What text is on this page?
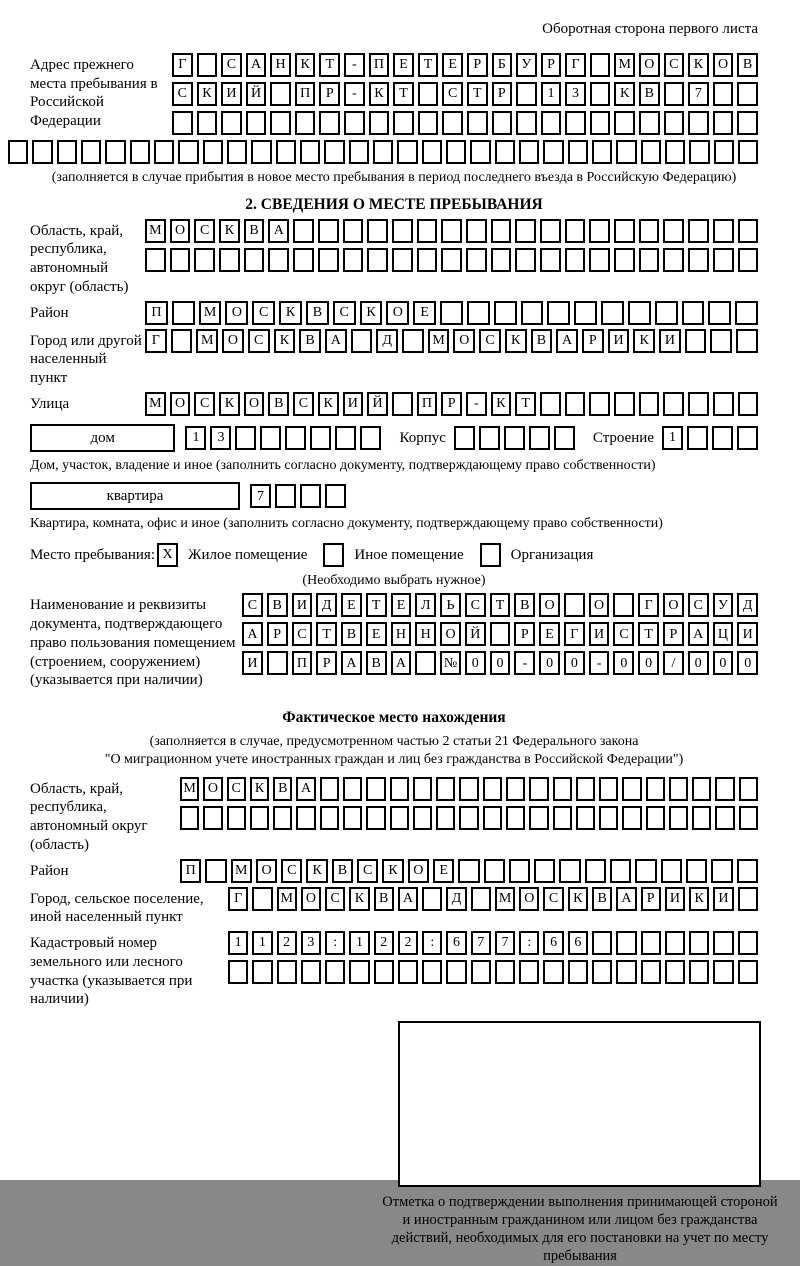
Оборотная сторона первого листа
Адрес прежнего места пребывания в Российской Федерации
Г	С	А	Н	К	Т	-	П	Е	Т	Е	Р	Б	У	Р	Г	М О	С	К	О	В
С	К	И	Й	П	Р	-	К	Т	С	Т	Р	1	3	К	В	7
(заполняется в случае прибытия в новое место пребывания в период последнего въезда в Российскую Федерацию)
2. СВЕДЕНИЯ О МЕСТЕ ПРЕБЫВАНИЯ
Область, край, республика, автономный округ (область)
М О	С	К	В	А
Район	П	М	О	С	К	В	С	К	О	Е
Город или другой населенный пункт
Г	М	О	С	К	В	А	Д	М	О	С	К	В	А	Р	И	К	И
Улица	М О	С	К	О	В	С	К	И	Й	П	Р	-	К	Т
дом	1	3	Корпус	Строение	1
Дом, участок, владение и иное (заполнить согласно документу, подтверждающему право собственности)
квартира	7
Квартира, комната, офис и иное (заполнить согласно документу, подтверждающему право собственности)
Место пребывания: X	Жилое помещение	Иное помещение	Организация
(Необходимо выбрать нужное)
Наименование и реквизиты документа, подтверждающего право пользования помещением (строением, сооружением) (указывается при наличии)
С	В	И	Д	Е	Т	Е	Л	Ь	С	Т	В	О	О	Г	О	С	У	Д
А	Р	С	Т	В	Е	Н	Н	О	Й	Р	Е	Г	И	С	Т	Р	А	Ц	И
И	П	Р	А	В	А	№	0	0	-	0	0	-	0	0	/	0	0	0
Фактическое место нахождения
(заполняется в случае, предусмотренном частью 2 статьи 21 Федерального закона
"О миграционном учете иностранных граждан и лиц без гражданства в Российской Федерации")
Область, край, республика, автономный округ (область)
М О С К В А
Район	П	М	О	С	К	В	С	К	О	Е
Город, сельское поселение, иной населенный пункт
Г	М О	С	К	В	А	Д	М О	С	К	В	А	Р	И	К	И
Кадастровый номер земельного или лесного участка (указывается при наличии)
1	1	2	3	:	1	2	2	:	6	7	7	:	6	6
Отметка о подтверждении выполнения принимающей стороной и иностранным гражданином или лицом без гражданства действий, необходимых для его постановки на учет по месту пребывания
